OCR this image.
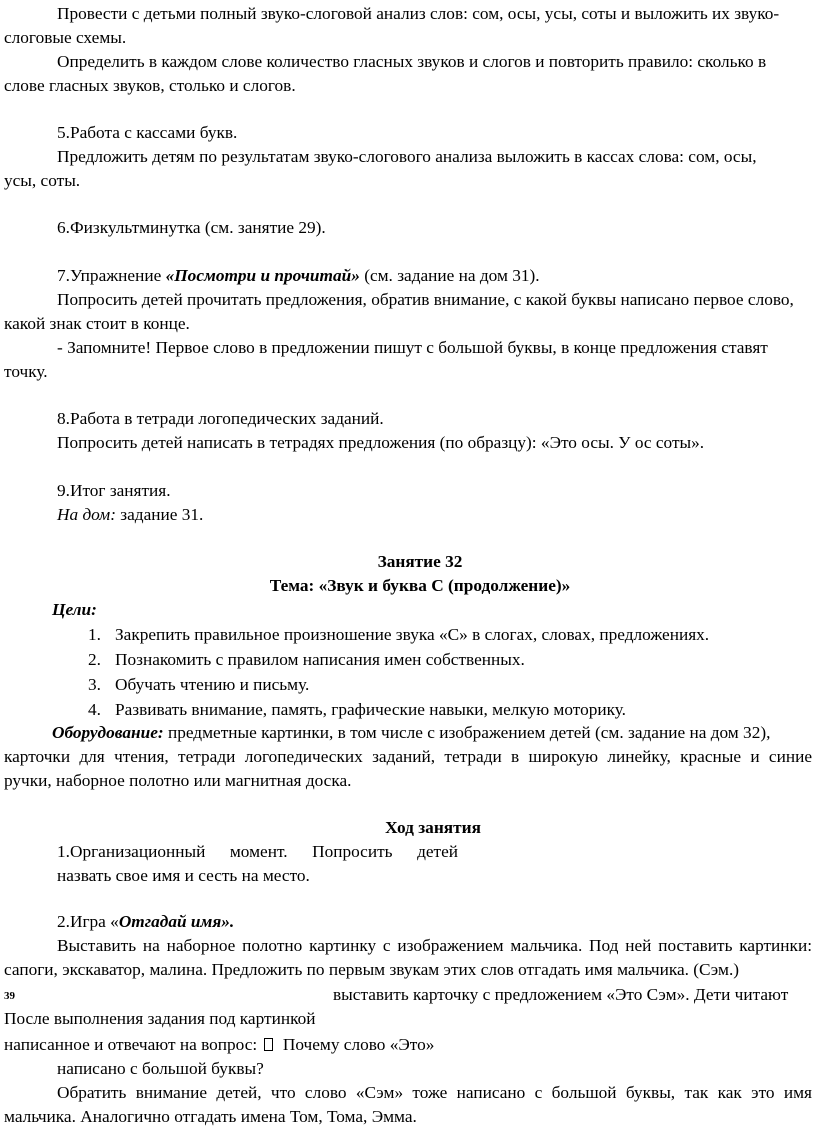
Провести с детьми полный звуко-слоговой анализ слов: сом, осы, усы, соты и выложить их звуко-
слоговые схемы.
Определить в каждом слове количество гласных звуков и слогов и повторить правило: сколько в
слове гласных звуков, столько и слогов.
5.Работа с кассами букв.
Предложить детям по результатам звуко-слогового анализа выложить в кассах слова: сом, осы,
усы, соты.
6.Физкультминутка (см. занятие 29).
7.Упражнение «Посмотри и прочитай» (см. задание на дом 31).
Попросить детей прочитать предложения, обратив внимание, с какой буквы написано первое слово,
какой знак стоит в конце.
- Запомните! Первое слово в предложении пишут с большой буквы, в конце предложения ставят
точку.
8.Работа в тетради логопедических заданий.
Попросить детей написать в тетрадях предложения (по образцу): «Это осы. У ос соты».
9.Итог занятия.
На дом: задание 31.
Занятие 32
Тема: «Звук и буква С (продолжение)»
Цели:
1. Закрепить правильное произношение звука «С» в слогах, словах, предложениях.
2. Познакомить с правилом написания имен собственных.
3. Обучать чтению и письму.
4. Развивать внимание, память, графические навыки, мелкую моторику.
Оборудование: предметные картинки, в том числе с изображением детей (см. задание на дом 32),
карточки для чтения, тетради логопедических заданий, тетради в широкую линейку, красные и синие
ручки, наборное полотно или магнитная доска.
Ход занятия
1.Организационный момент. Попросить детей
назвать свое имя и сесть на место.
2.Игра «Отгадай имя».
Выставить на наборное полотно картинку с изображением мальчика. Под ней поставить картинки:
сапоги, экскаватор, малина. Предложить по первым звукам этих слов отгадать имя мальчика. (Сэм.)
39	выставить карточку с предложением «Это Сэм». Дети читают
После выполнения задания под картинкой
написанное и отвечают на вопрос: Почему слово «Это»
написано с большой буквы?
Обратить внимание детей, что слово «Сэм» тоже написано с большой буквы, так как это имя
мальчика. Аналогично отгадать имена Том, Тома, Эмма.
